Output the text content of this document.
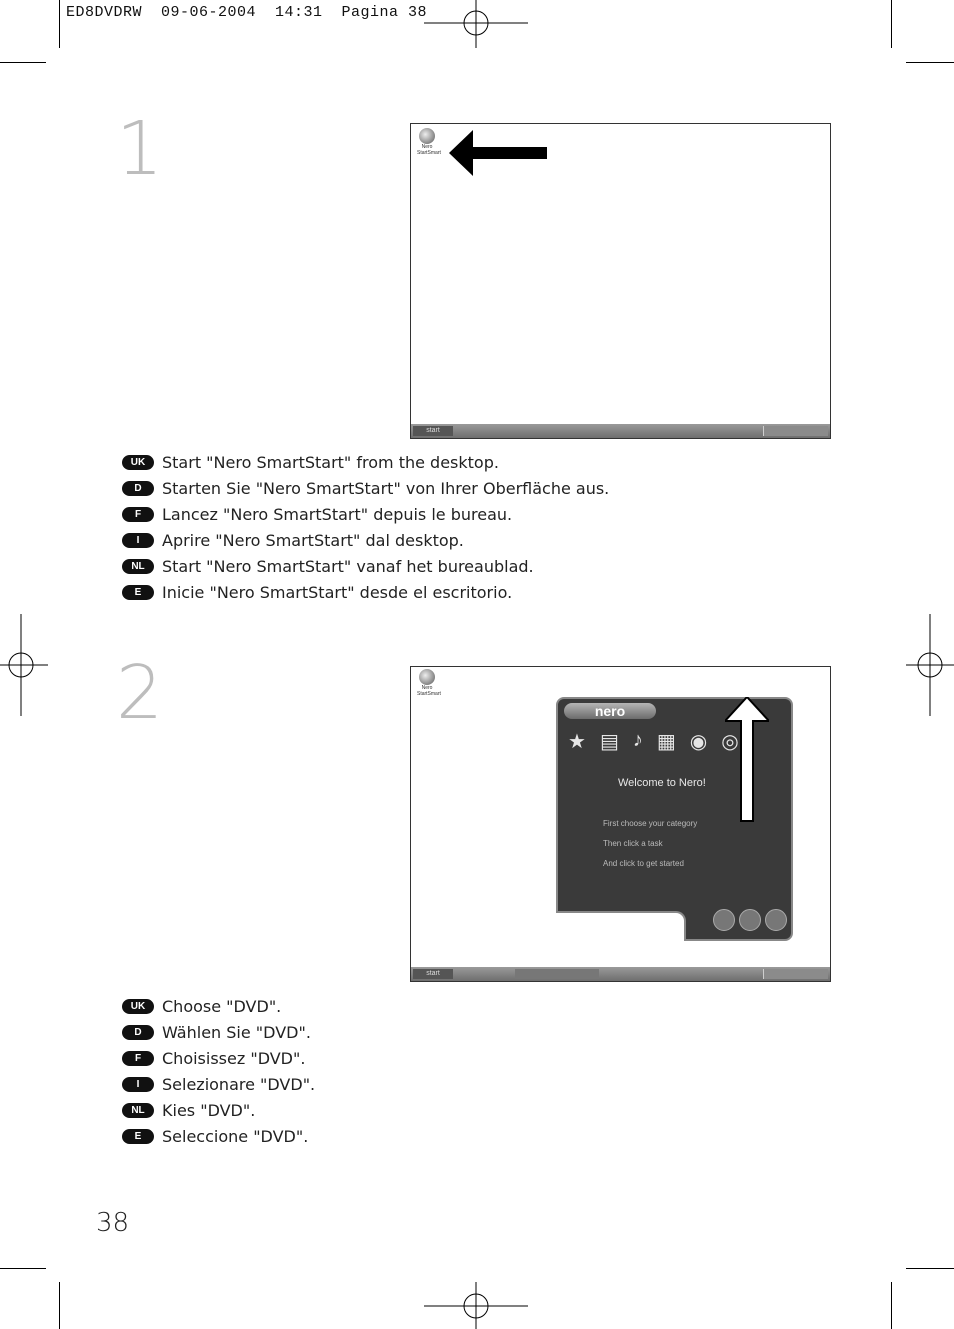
ED8DVDRW  09-06-2004  14:31  Pagina 38
1	Nero StartSmart
start
UK	Start "Nero SmartStart" from the desktop.
D	Starten Sie "Nero SmartStart" von Ihrer Oberfläche aus.
F	Lancez "Nero SmartStart" depuis le bureau.
I	Aprire "Nero SmartStart" dal desktop.
NL	Start "Nero SmartStart" vanaf het bureaublad.
E	Inicie "Nero SmartStart" desde el escritorio.
2	Nero StartSmart
nero
★ ▤ ♪ ▦ ◉ ◎
Welcome to Nero!
First choose your category
Then click a task
And click to get started
start
UK	Choose "DVD".
D	Wählen Sie "DVD".
F	Choisissez "DVD".
I	Selezionare "DVD".
NL	Kies "DVD".
E	Seleccione "DVD".
38
